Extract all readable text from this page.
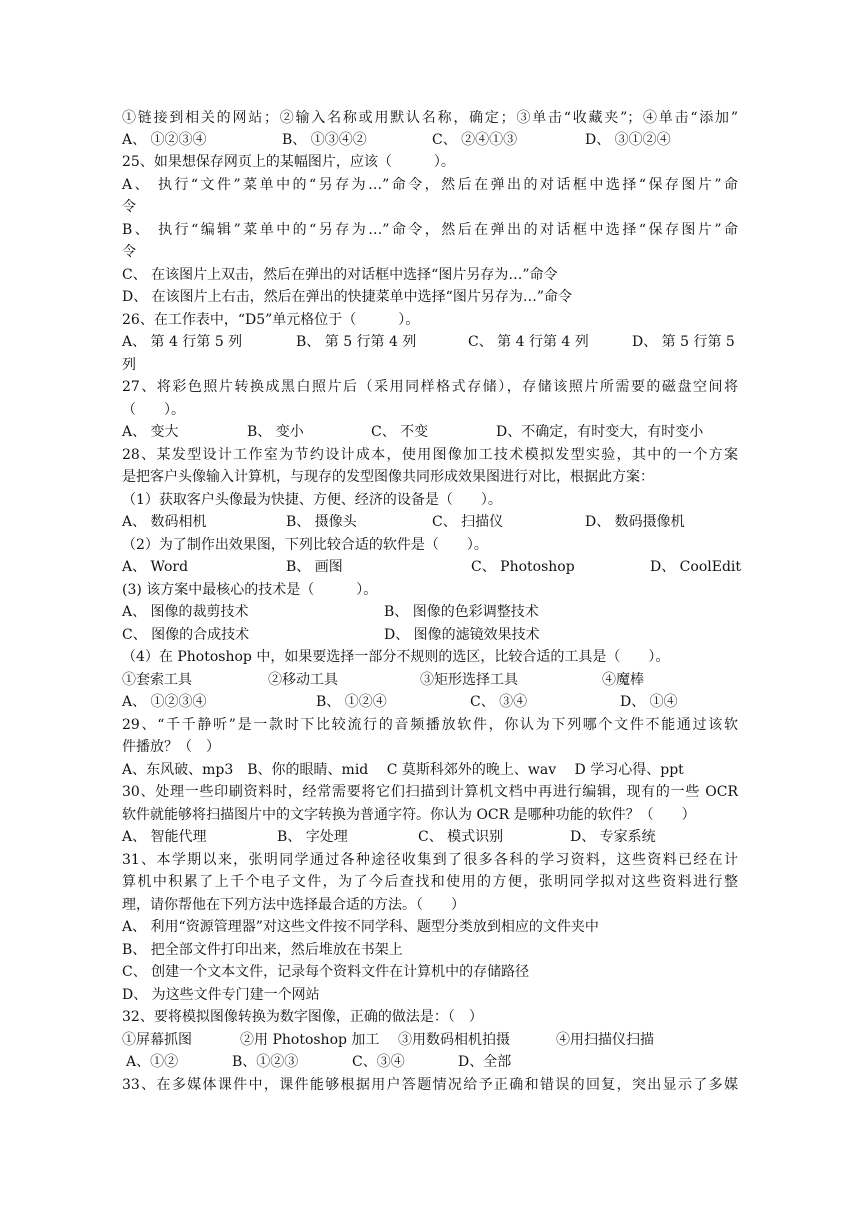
①链接到相关的网站；②输入名称或用默认名称，确定；③单击“收藏夹”；④单击“添加”
A、 ①②③④	B、 ①③④②	C、 ②④①③	D、 ③①②④
25、如果想保存网页上的某幅图片，应该（　　　）。
A、 执行“文件”菜单中的“另存为…”命令，然后在弹出的对话框中选择“保存图片”命
令
B、 执行“编辑”菜单中的“另存为…”命令，然后在弹出的对话框中选择“保存图片”命
令
C、 在该图片上双击，然后在弹出的对话框中选择“图片另存为…”命令
D、 在该图片上右击，然后在弹出的快捷菜单中选择“图片另存为…”命令
26、在工作表中，“D5”单元格位于（　　　）。
A、 第 4 行第 5 列	B、 第 5 行第 4 列	C、 第 4 行第 4 列	D、 第 5 行第 5
列
27、将彩色照片转换成黑白照片后（采用同样格式存储），存储该照片所需要的磁盘空间将
（　　）。
A、 变大	B、 变小	C、 不变	D、不确定，有时变大，有时变小
28、某发型设计工作室为节约设计成本，使用图像加工技术模拟发型实验，其中的一个方案
是把客户头像输入计算机，与现存的发型图像共同形成效果图进行对比，根据此方案：
（1）获取客户头像最为快捷、方便、经济的设备是（　　）。
A、 数码相机	B、 摄像头	C、 扫描仪	D、 数码摄像机
（2）为了制作出效果图，下列比较合适的软件是（　　）。
A、 Word	B、 画图	C、 Photoshop	D、 CoolEdit
(3) 该方案中最核心的技术是（　　　）。
A、 图像的裁剪技术	B、 图像的色彩调整技术
C、 图像的合成技术	D、 图像的滤镜效果技术
（4）在 Photoshop 中，如果要选择一部分不规则的选区，比较合适的工具是（　　）。
①套索工具	②移动工具	③矩形选择工具	④魔棒
A、 ①②③④	B、 ①②④	C、 ③④	D、 ①④
29、“千千静听”是一款时下比较流行的音频播放软件，你认为下列哪个文件不能通过该软
件播放？（　）
A、东风破、mp3　B、你的眼睛、mid　 C 莫斯科郊外的晚上、wav　 D 学习心得、ppt
30、处理一些印刷资料时，经常需要将它们扫描到计算机文档中再进行编辑，现有的一些 OCR
软件就能够将扫描图片中的文字转换为普通字符。你认为 OCR 是哪种功能的软件？（　　）
A、 智能代理	B、 字处理	C、 模式识别	D、 专家系统
31、本学期以来，张明同学通过各种途径收集到了很多各科的学习资料，这些资料已经在计
算机中积累了上千个电子文件，为了今后查找和使用的方便，张明同学拟对这些资料进行整
理，请你帮他在下列方法中选择最合适的方法。（　　）
A、 利用“资源管理器”对这些文件按不同学科、题型分类放到相应的文件夹中
B、 把全部文件打印出来，然后堆放在书架上
C、 创建一个文本文件，记录每个资料文件在计算机中的存储路径
D、 为这些文件专门建一个网站
32、要将模拟图像转换为数字图像，正确的做法是：（　）
①屏幕抓图	②用 Photoshop 加工 ③用数码相机拍摄	④用扫描仪扫描
A、①②	B、①②③	C、③④	D、全部
33、在多媒体课件中，课件能够根据用户答题情况给予正确和错误的回复，突出显示了多媒
